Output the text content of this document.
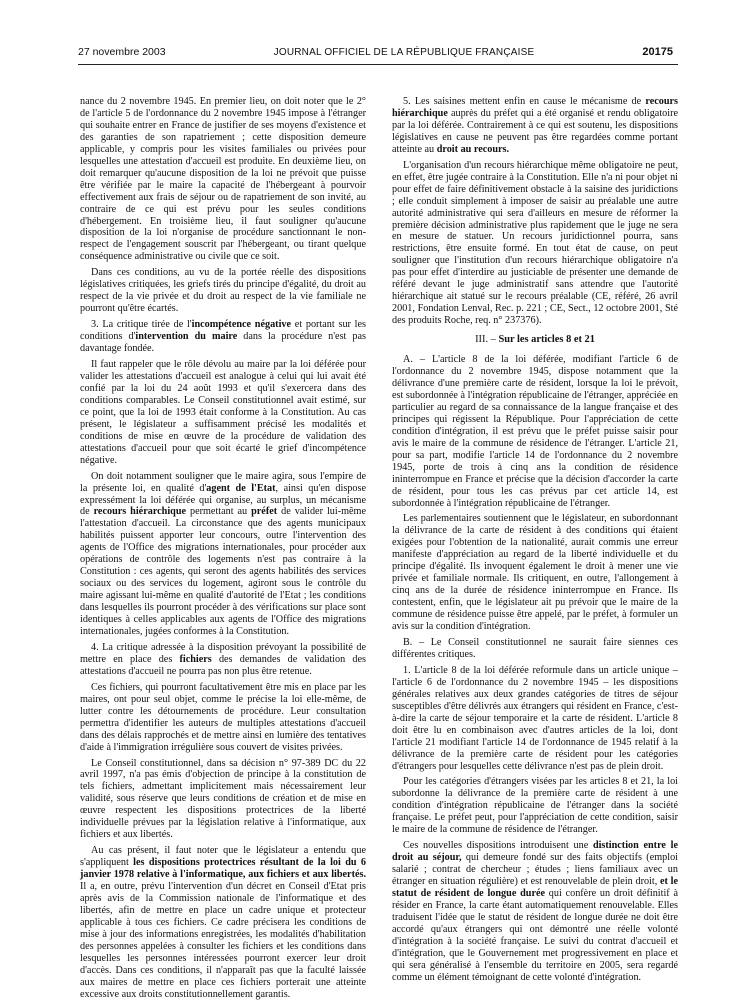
27 novembre 2003	JOURNAL OFFICIEL DE LA RÉPUBLIQUE FRANÇAISE	20175

nance du 2 novembre 1945. En premier lieu, on doit noter que le 2° de l'article 5 de l'ordonnance du 2 novembre 1945 impose à l'étranger qui souhaite entrer en France de justifier de ses moyens d'existence et des garanties de son rapatriement ; cette disposition demeure applicable, y compris pour les visites familiales ou privées pour lesquelles une attestation d'accueil est produite. En deuxième lieu, on doit remarquer qu'aucune disposition de la loi ne prévoit que puisse être vérifiée par le maire la capacité de l'hébergeant à pourvoir effectivement aux frais de séjour ou de rapatriement de son invité, au contraire de ce qui est prévu pour les seules conditions d'hébergement. En troisième lieu, il faut souligner qu'aucune disposition de la loi n'organise de procédure sanctionnant le non-respect de l'engagement souscrit par l'hébergeant, ou tirant quelque conséquence administrative ou civile que ce soit.

Dans ces conditions, au vu de la portée réelle des dispositions législatives critiquées, les griefs tirés du principe d'égalité, du droit au respect de la vie privée et du droit au respect de la vie familiale ne pourront qu'être écartés.

3. La critique tirée de l'incompétence négative et portant sur les conditions d'intervention du maire dans la procédure n'est pas davantage fondée.

Il faut rappeler que le rôle dévolu au maire par la loi déférée pour valider les attestations d'accueil est analogue à celui qui lui avait été confié par la loi du 24 août 1993 et qu'il s'exercera dans des conditions comparables. Le Conseil constitutionnel avait estimé, sur ce point, que la loi de 1993 était conforme à la Constitution. Au cas présent, le législateur a suffisamment précisé les modalités et conditions de mise en œuvre de la procédure de validation des attestations d'accueil pour que soit écarté le grief d'incompétence négative.

On doit notamment souligner que le maire agira, sous l'empire de la présente loi, en qualité d'agent de l'Etat, ainsi qu'en dispose expressément la loi déférée qui organise, au surplus, un mécanisme de recours hiérarchique permettant au préfet de valider lui-même l'attestation d'accueil. La circonstance que des agents municipaux habilités puissent apporter leur concours, outre l'intervention des agents de l'Office des migrations internationales, pour procéder aux opérations de contrôle des logements n'est pas contraire à la Constitution : ces agents, qui seront des agents habilités des services sociaux ou des services du logement, agiront sous le contrôle du maire agissant lui-même en qualité d'autorité de l'Etat ; les conditions dans lesquelles ils pourront procéder à des vérifications sur place sont identiques à celles applicables aux agents de l'Office des migrations internationales, jugées conformes à la Constitution.

4. La critique adressée à la disposition prévoyant la possibilité de mettre en place des fichiers des demandes de validation des attestations d'accueil ne pourra pas non plus être retenue.

Ces fichiers, qui pourront facultativement être mis en place par les maires, ont pour seul objet, comme le précise la loi elle-même, de lutter contre les détournements de procédure. Leur consultation permettra d'identifier les auteurs de multiples attestations d'accueil dans des délais rapprochés et de mettre ainsi en lumière des tentatives d'aide à l'immigration irrégulière sous couvert de visites privées.

Le Conseil constitutionnel, dans sa décision n° 97-389 DC du 22 avril 1997, n'a pas émis d'objection de principe à la constitution de tels fichiers, admettant implicitement mais nécessairement leur validité, sous réserve que leurs conditions de création et de mise en œuvre respectent les dispositions protectrices de la liberté individuelle prévues par la législation relative à l'informatique, aux fichiers et aux libertés.

Au cas présent, il faut noter que le législateur a entendu que s'appliquent les dispositions protectrices résultant de la loi du 6 janvier 1978 relative à l'informatique, aux fichiers et aux libertés. Il a, en outre, prévu l'intervention d'un décret en Conseil d'Etat pris après avis de la Commission nationale de l'informatique et des libertés, afin de mettre en place un cadre unique et protecteur applicable à tous ces fichiers. Ce cadre précisera les conditions de mise à jour des informations enregistrées, les modalités d'habilitation des personnes appelées à consulter les fichiers et les conditions dans lesquelles les personnes intéressées pourront exercer leur droit d'accès. Dans ces conditions, il n'apparaît pas que la faculté laissée aux maires de mettre en place ces fichiers porterait une atteinte excessive aux droits constitutionnellement garantis.

5. Les saisines mettent enfin en cause le mécanisme de recours hiérarchique auprès du préfet qui a été organisé et rendu obligatoire par la loi déférée. Contrairement à ce qui est soutenu, les dispositions législatives en cause ne peuvent pas être regardées comme portant atteinte au droit au recours.

L'organisation d'un recours hiérarchique même obligatoire ne peut, en effet, être jugée contraire à la Constitution. Elle n'a ni pour objet ni pour effet de faire définitivement obstacle à la saisine des juridictions ; elle conduit simplement à imposer de saisir au préalable une autre autorité administrative qui sera d'ailleurs en mesure de réformer la première décision administrative plus rapidement que le juge ne sera en mesure de statuer. Un recours juridictionnel pourra, sans restrictions, être ensuite formé. En tout état de cause, on peut souligner que l'institution d'un recours hiérarchique obligatoire n'a pas pour effet d'interdire au justiciable de présenter une demande de référé devant le juge administratif sans attendre que l'autorité hiérarchique ait statué sur le recours préalable (CE, référé, 26 avril 2001, Fondation Lenval, Rec. p. 221 ; CE, Sect., 12 octobre 2001, Sté des produits Roche, req. n° 237376).

III. – Sur les articles 8 et 21

A. – L'article 8 de la loi déférée, modifiant l'article 6 de l'ordonnance du 2 novembre 1945, dispose notamment que la délivrance d'une première carte de résident, lorsque la loi le prévoit, est subordonnée à l'intégration républicaine de l'étranger, appréciée en particulier au regard de sa connaissance de la langue française et des principes qui régissent la République. Pour l'appréciation de cette condition d'intégration, il est prévu que le préfet puisse saisir pour avis le maire de la commune de résidence de l'étranger. L'article 21, pour sa part, modifie l'article 14 de l'ordonnance du 2 novembre 1945, porte de trois à cinq ans la condition de résidence ininterrompue en France et précise que la décision d'accorder la carte de résident, pour tous les cas prévus par cet article 14, est subordonnée à l'intégration républicaine de l'étranger.

Les parlementaires soutiennent que le législateur, en subordonnant la délivrance de la carte de résident à des conditions qui étaient exigées pour l'obtention de la nationalité, aurait commis une erreur manifeste d'appréciation au regard de la liberté individuelle et du principe d'égalité. Ils invoquent également le droit à mener une vie privée et familiale normale. Ils critiquent, en outre, l'allongement à cinq ans de la durée de résidence ininterrompue en France. Ils contestent, enfin, que le législateur ait pu prévoir que le maire de la commune de résidence puisse être appelé, par le préfet, à formuler un avis sur la condition d'intégration.

B. – Le Conseil constitutionnel ne saurait faire siennes ces différentes critiques.

1. L'article 8 de la loi déférée reformule dans un article unique – l'article 6 de l'ordonnance du 2 novembre 1945 – les dispositions générales relatives aux deux grandes catégories de titres de séjour susceptibles d'être délivrés aux étrangers qui résident en France, c'est-à-dire la carte de séjour temporaire et la carte de résident. L'article 8 doit être lu en combinaison avec d'autres articles de la loi, dont l'article 21 modifiant l'article 14 de l'ordonnance de 1945 relatif à la délivrance de la première carte de résident pour les catégories d'étrangers pour lesquelles cette délivrance n'est pas de plein droit.

Pour les catégories d'étrangers visées par les articles 8 et 21, la loi subordonne la délivrance de la première carte de résident à une condition d'intégration républicaine de l'étranger dans la société française. Le préfet peut, pour l'appréciation de cette condition, saisir le maire de la commune de résidence de l'étranger.

Ces nouvelles dispositions introduisent une distinction entre le droit au séjour, qui demeure fondé sur des faits objectifs (emploi salarié ; contrat de chercheur ; études ; liens familiaux avec un étranger en situation régulière) et est renouvelable de plein droit, et le statut de résident de longue durée qui confère un droit définitif à résider en France, la carte étant automatiquement renouvelable. Elles traduisent l'idée que le statut de résident de longue durée ne doit être accordé qu'aux étrangers qui ont démontré une réelle volonté d'intégration à la société française. Le suivi du contrat d'accueil et d'intégration, que le Gouvernement met progressivement en place et qui sera généralisé à l'ensemble du territoire en 2005, sera regardé comme un élément témoignant de cette volonté d'intégration.
